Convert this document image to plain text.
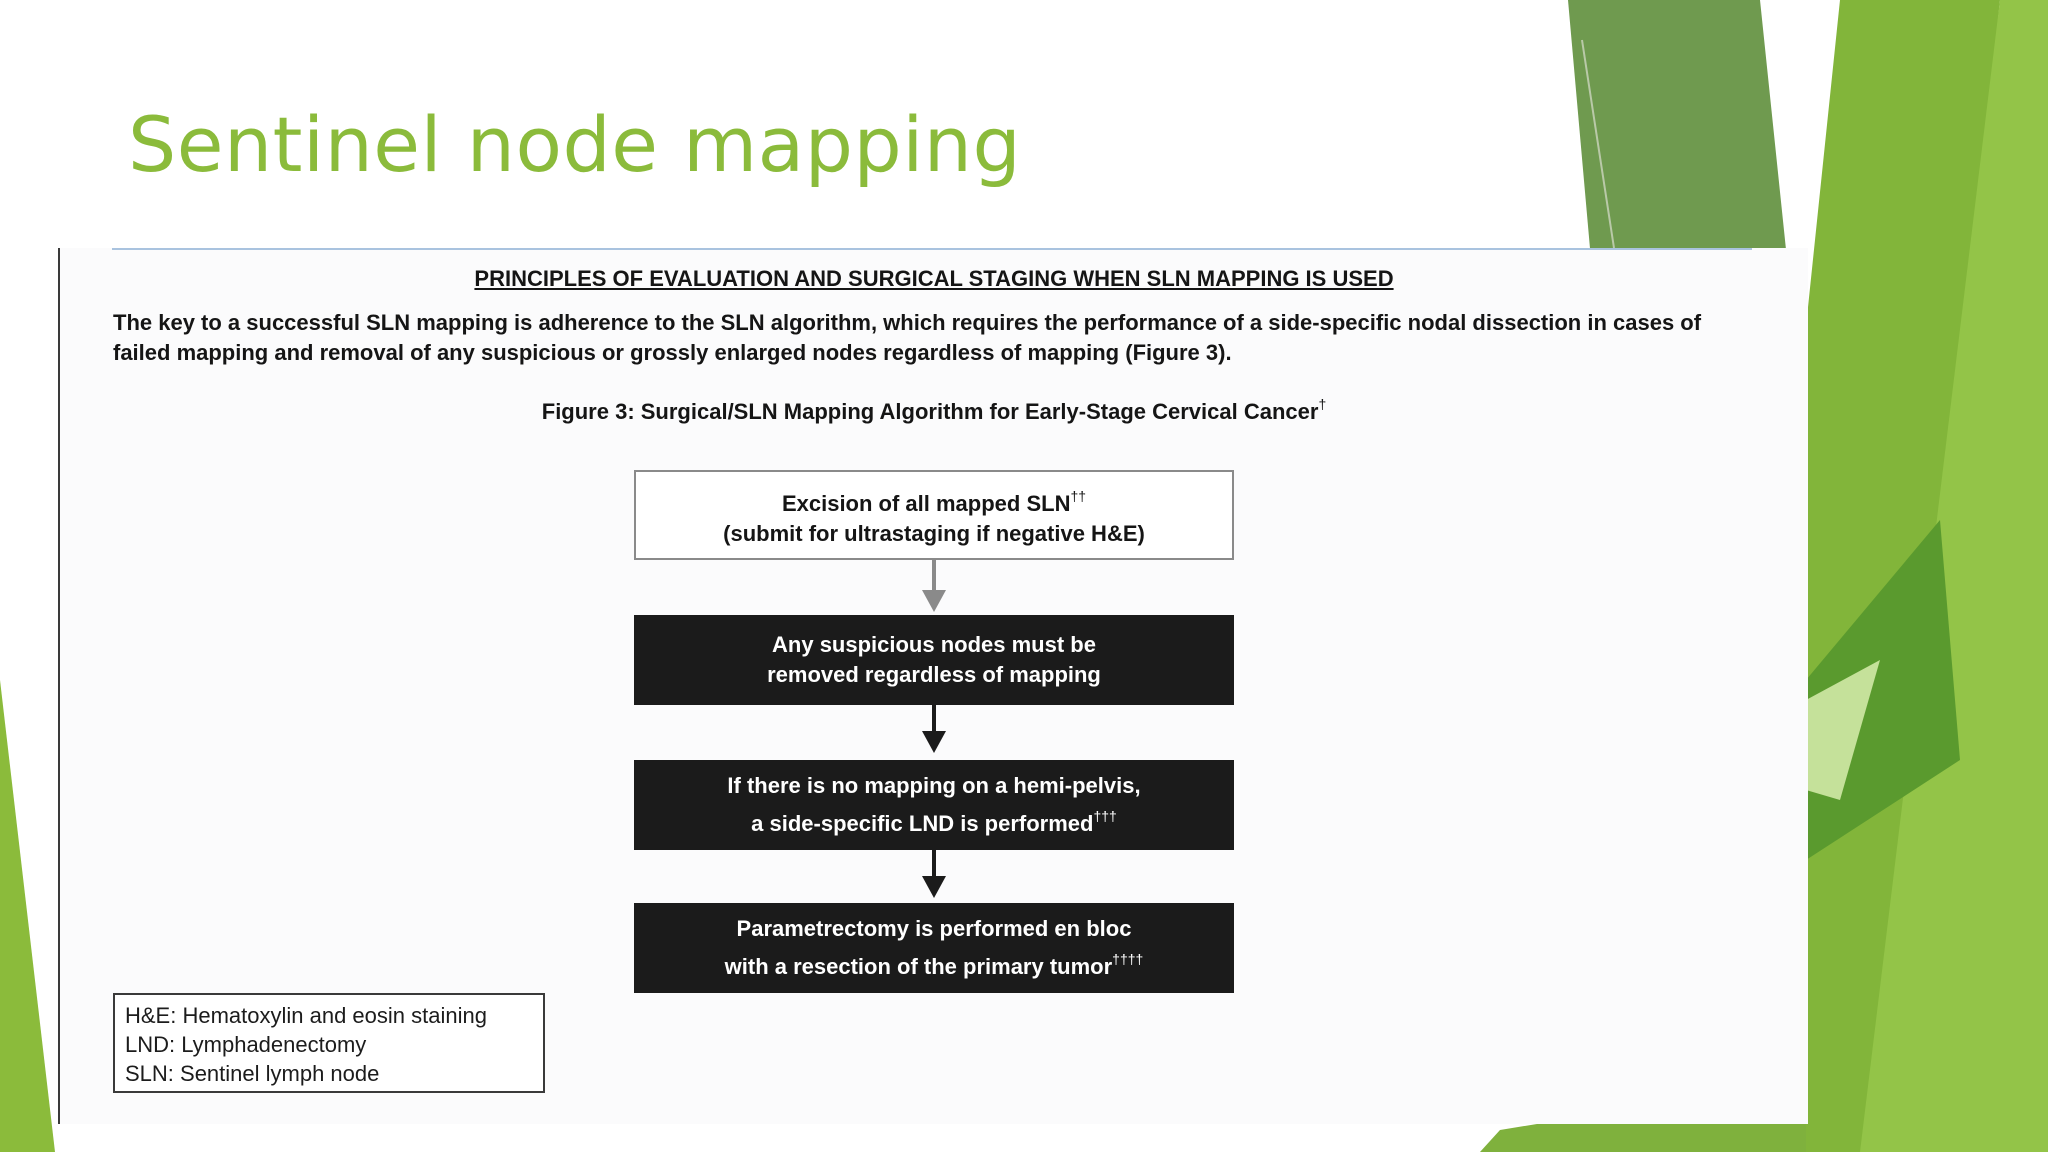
Sentinel node mapping
PRINCIPLES OF EVALUATION AND SURGICAL STAGING WHEN SLN MAPPING IS USED
The key to a successful SLN mapping is adherence to the SLN algorithm, which requires the performance of a side-specific nodal dissection in cases of failed mapping and removal of any suspicious or grossly enlarged nodes regardless of mapping (Figure 3).
Figure 3: Surgical/SLN Mapping Algorithm for Early-Stage Cervical Cancer†
Excision of all mapped SLN††
(submit for ultrastaging if negative H&E)
Any suspicious nodes must be
removed regardless of mapping
If there is no mapping on a hemi-pelvis,
a side-specific LND is performed†††
Parametrectomy is performed en bloc
with a resection of the primary tumor††††
H&E: Hematoxylin and eosin staining
LND: Lymphadenectomy
SLN: Sentinel lymph node
